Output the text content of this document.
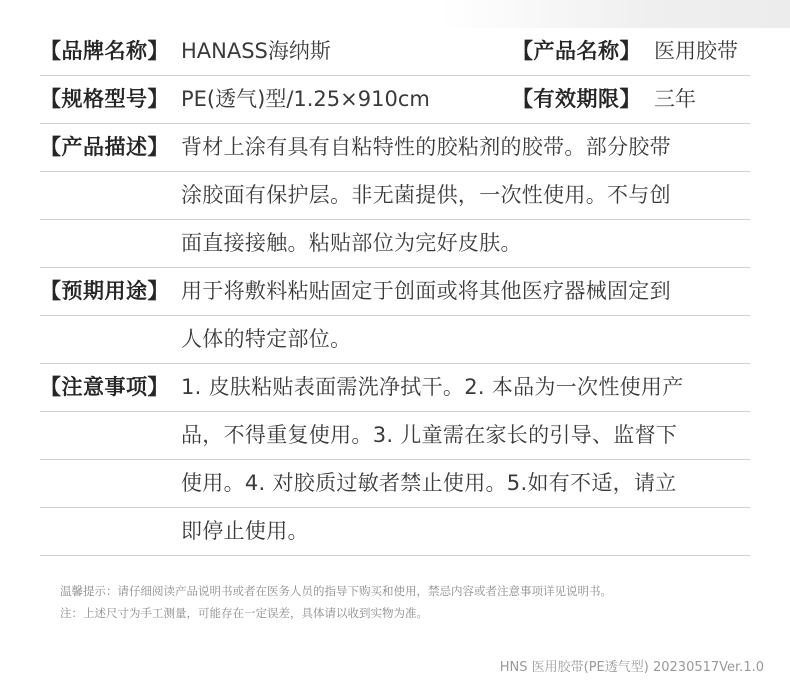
【品牌名称】 HANASS海纳斯	【产品名称】 医用胶带
【规格型号】 PE(透气)型/1.25×910cm	【有效期限】 三年
【产品描述】 背材上涂有具有自粘特性的胶粘剂的胶带。部分胶带
涂胶面有保护层。非无菌提供，一次性使用。不与创
面直接接触。粘贴部位为完好皮肤。
【预期用途】 用于将敷料粘贴固定于创面或将其他医疗器械固定到
人体的特定部位。
【注意事项】 1. 皮肤粘贴表面需洗净拭干。2. 本品为一次性使用产
品，不得重复使用。3. 儿童需在家长的引导、监督下
使用。4. 对胶质过敏者禁止使用。5.如有不适，请立
即停止使用。
温馨提示：请仔细阅读产品说明书或者在医务人员的指导下购买和使用，禁忌内容或者注意事项详见说明书。
注：上述尺寸为手工测量，可能存在一定误差，具体请以收到实物为准。
HNS 医用胶带(PE透气型) 20230517Ver.1.0
